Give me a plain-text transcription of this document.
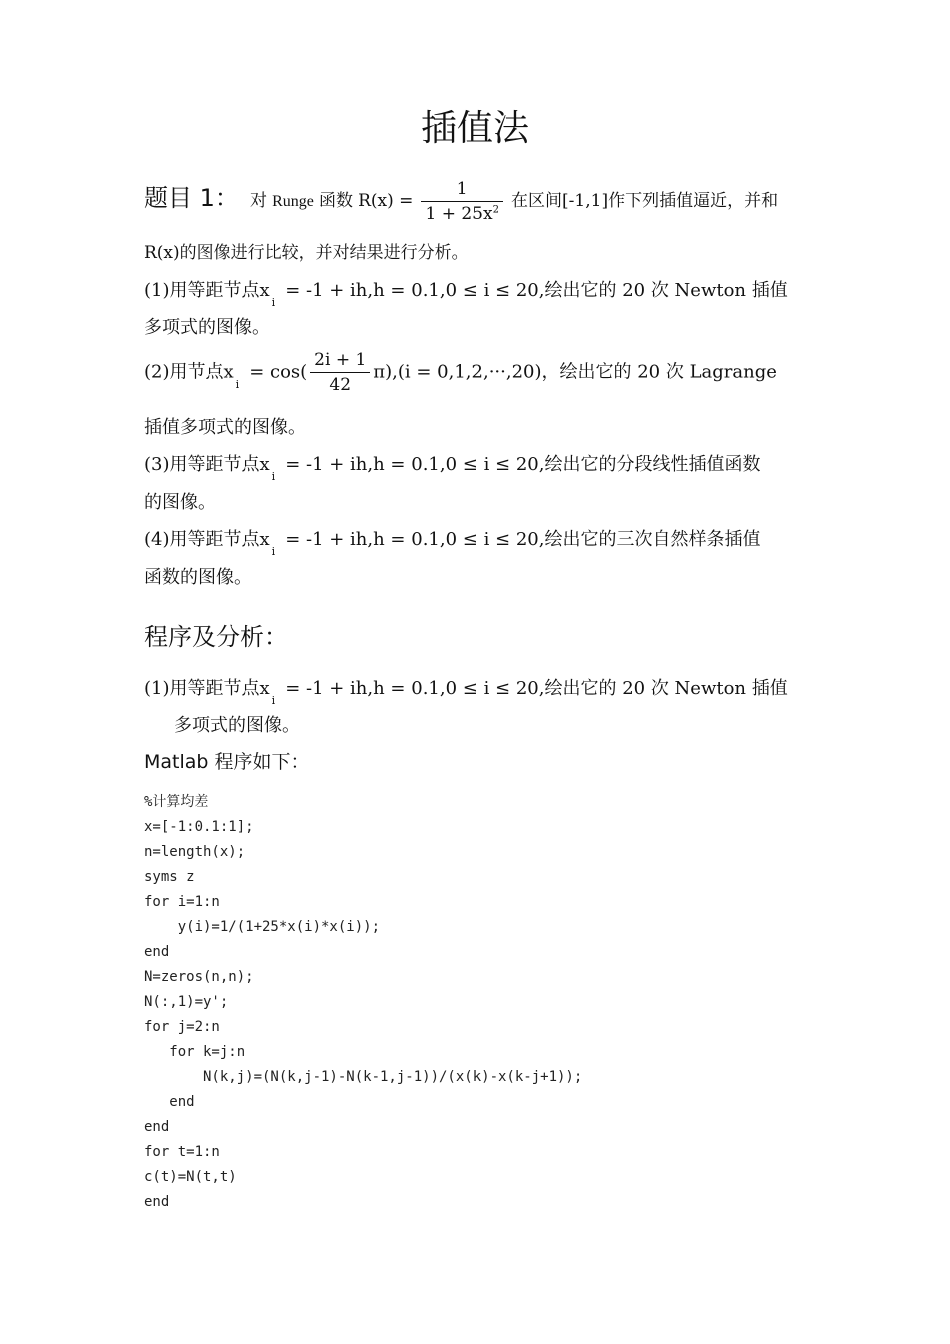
插值法
题目 1： 对 Runge 函数 $R(x) = \frac{1}{1 + 25x^2}$ 在区间[-1,1]作下列插值逼近，并和
R(x)的图像进行比较，并对结果进行分析。
(1)用等距节点$x_i= -1 + ih,h = 0.1,0 \le i \le 20$,绘出它的 20 次 Newton 插值
多项式的图像。
(2)用节点$x_i= \cos( \frac{2i + 1}{42} \pi),(i = 0,1,2,\cdot\cdot\cdot,20)$，绘出它的 20 次 Lagrange
插值多项式的图像。
(3)用等距节点$x_i= -1 + ih,h = 0.1,0 \le i \le 20$,绘出它的分段线性插值函数
的图像。
(4)用等距节点$x_i= -1 + ih,h = 0.1,0 \le i \le 20$,绘出它的三次自然样条插值
函数的图像。
程序及分析：
(1)用等距节点$x_i= -1 + ih,h = 0.1,0 \le i \le 20$,绘出它的 20 次 Newton 插值
多项式的图像。
Matlab 程序如下：
%计算均差
x=[-1:0.1:1];
n=length(x);
syms z
for i=1:n
y(i)=1/(1+25*x(i)*x(i));
end
N=zeros(n,n);
N(:,1)=y';
for j=2:n
for k=j:n
N(k,j)=(N(k,j-1)-N(k-1,j-1))/(x(k)-x(k-j+1));
end
end
for t=1:n
c(t)=N(t,t)
end
